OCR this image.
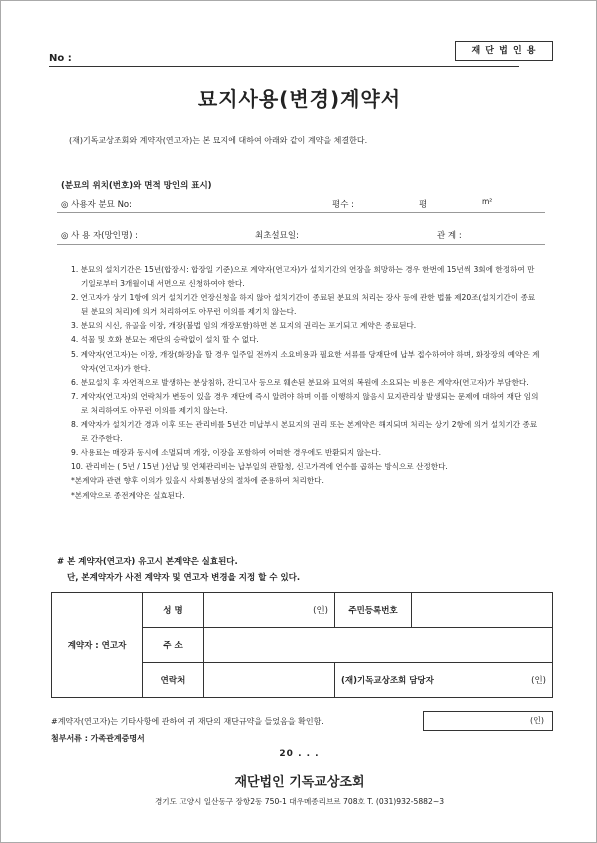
No :
재 단 법 인 용
묘지사용(변경)계약서
(재)기독교상조회와 계약자(연고자)는 본 묘지에 대하여 아래와 같이 계약을 체결한다.
(분묘의 위치(번호)와 면적 망인의 표시)
◎ 사용자 분묘 No:	평수 :	평	m²
◎ 사 용 자(망인명) :	최초설묘일:	관 계 :
1. 분묘의 설치기간은 15년(합장시: 합장일 기준)으로 계약자(연고자)가 설치기간의 연장을 희망하는 경우 한번에 15년씩 3회에 한정하여 만기일로부터 3개월이내 서면으로 신청하여야 한다.
2. 연고자가 상기 1항에 의거 설치기간 연장신청을 하지 않아 설치기간이 종료된 분묘의 처리는 장사 등에 관한 법률 제20조(설치기간이 종료된 분묘의 처리)에 의거 처리하여도 아무런 이의를 제기치 않는다.
3. 분묘의 시신, 유골을 이장, 개장(불법 임의 개장포함)하면 본 묘지의 권리는 포기되고 계약은 종료된다.
4. 석물 및 호화 분묘는 재단의 승락없이 설치 할 수 없다.
5. 계약자(연고자)는 이장, 개장(화장)을 할 경우 일주일 전까지 소요비용과 필요한 서류를 당재단에 납부 접수하여야 하며, 화장장의 예약은 계약자(연고자)가 한다.
6. 분묘설치 후 자연적으로 발생하는 분상침하, 잔디고사 등으로 훼손된 분묘와 묘역의 복원에 소요되는 비용은 계약자(연고자)가 부담한다.
7. 계약자(연고자)의 연락처가 변동이 있을 경우 재단에 즉시 알려야 하며 이를 이행하지 않음시 묘지관리상 발생되는 문제에 대하여 재단 임의로 처리하여도 아무런 이의를 제기치 않는다.
8. 계약자가 설치기간 경과 이후 또는 관리비를 5년간 미납부시 본묘지의 권리 또는 본계약은 해지되며 처리는 상기 2항에 의거 설치기간 종료로 간주한다.
9. 사용료는 매장과 동시에 소멸되며 개장, 이장을 포함하여 어떠한 경우에도 반환되지 않는다.
10. 관리비는 ( 5년 / 15년 )선납 및 연체관리비는 납부일의 관할청, 신고가격에 연수를 곱하는 방식으로 산정한다.
*본계약과 관련 향후 이의가 있을시 사회통념상의 절차에 준용하여 처리한다.
*본계약으로 종전계약은 실효된다.
# 본 계약자(연고자) 유고시 본계약은 실효된다.
단, 본계약자가 사전 계약자 및 연고자 변경을 지정 할 수 있다.
계약자 : 연고자	성 명	(인)	주민등록번호	
	주 소			
	연락처		(재)기독교상조회 담당자 (인)	
#계약자(연고자)는 기타사항에 관하여 귀 재단의 재단규약을 들었음을 확인함.	(인)
첨부서류 : 가족관계증명서
20 . . .
재단법인 기독교상조회
경기도 고양시 일산동구 장항2동 750-1 대우메종리브르 708호 T. (031)932-5882~3
